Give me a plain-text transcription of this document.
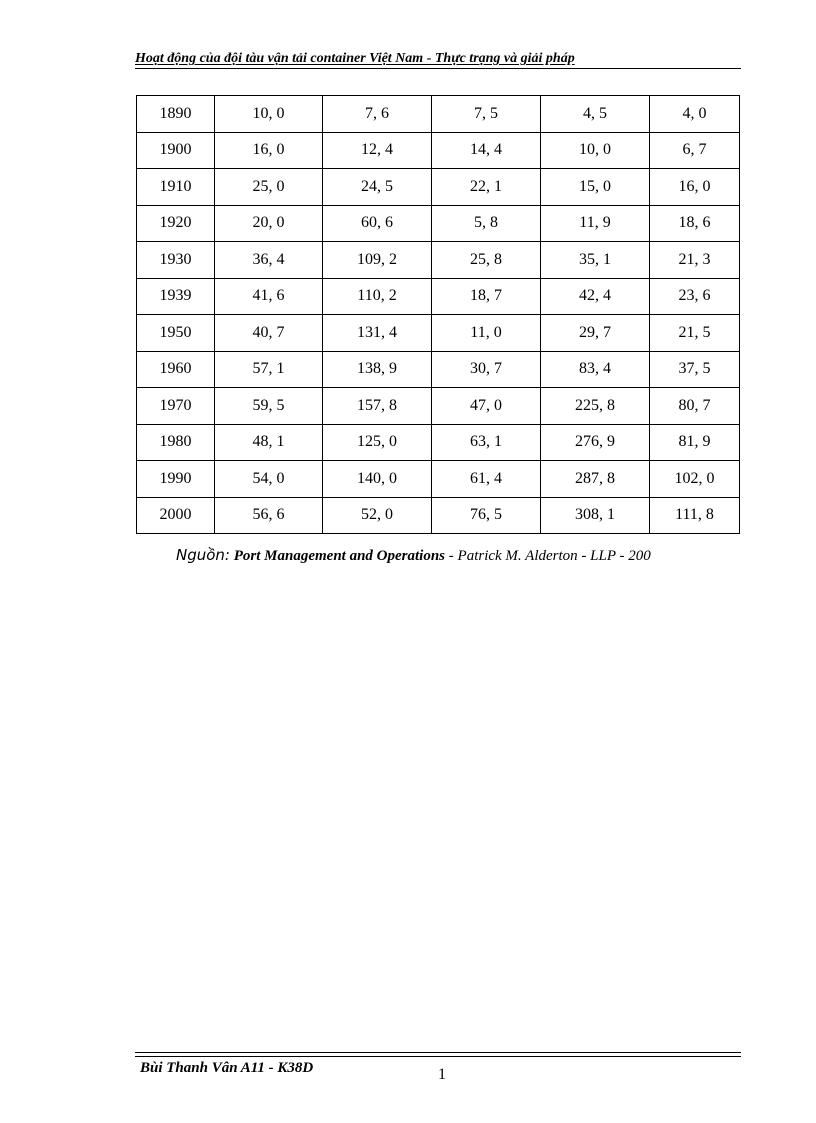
Hoạt động của đội tàu vận tải container Việt Nam - Thực trạng và giải pháp
1890	10, 0	7, 6	7, 5	4, 5	4, 0
1900	16, 0	12, 4	14, 4	10, 0	6, 7
1910	25, 0	24, 5	22, 1	15, 0	16, 0
1920	20, 0	60, 6	5, 8	11, 9	18, 6
1930	36, 4	109, 2	25, 8	35, 1	21, 3
1939	41, 6	110, 2	18, 7	42, 4	23, 6
1950	40, 7	131, 4	11, 0	29, 7	21, 5
1960	57, 1	138, 9	30, 7	83, 4	37, 5
1970	59, 5	157, 8	47, 0	225, 8	80, 7
1980	48, 1	125, 0	63, 1	276, 9	81, 9
1990	54, 0	140, 0	61, 4	287, 8	102, 0
2000	56, 6	52, 0	76, 5	308, 1	111, 8
Nguồn: Port Management and Operations - Patrick M. Alderton - LLP - 200
Bùi Thanh Vân A11 - K38D	1
